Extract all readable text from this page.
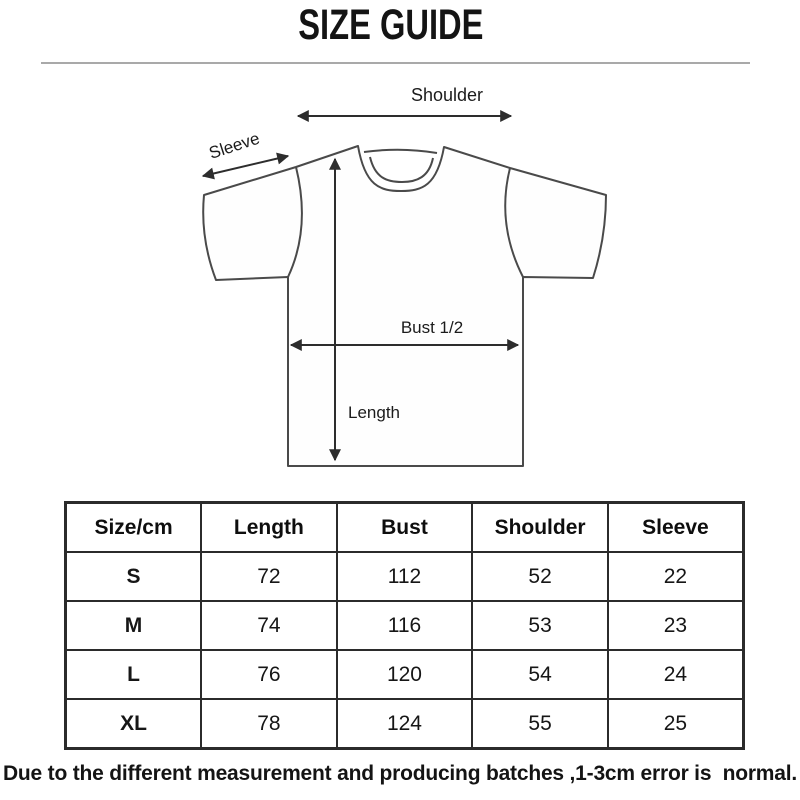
SIZE GUIDE
Shoulder
Sleeve
Bust 1/2
Length
Size/cm	Length	Bust	Shoulder	Sleeve
S	72	112	52	22
M	74	116	53	23
L	76	120	54	24
XL	78	124	55	25
Due to the different measurement and producing batches ,1-3cm error is  normal.
